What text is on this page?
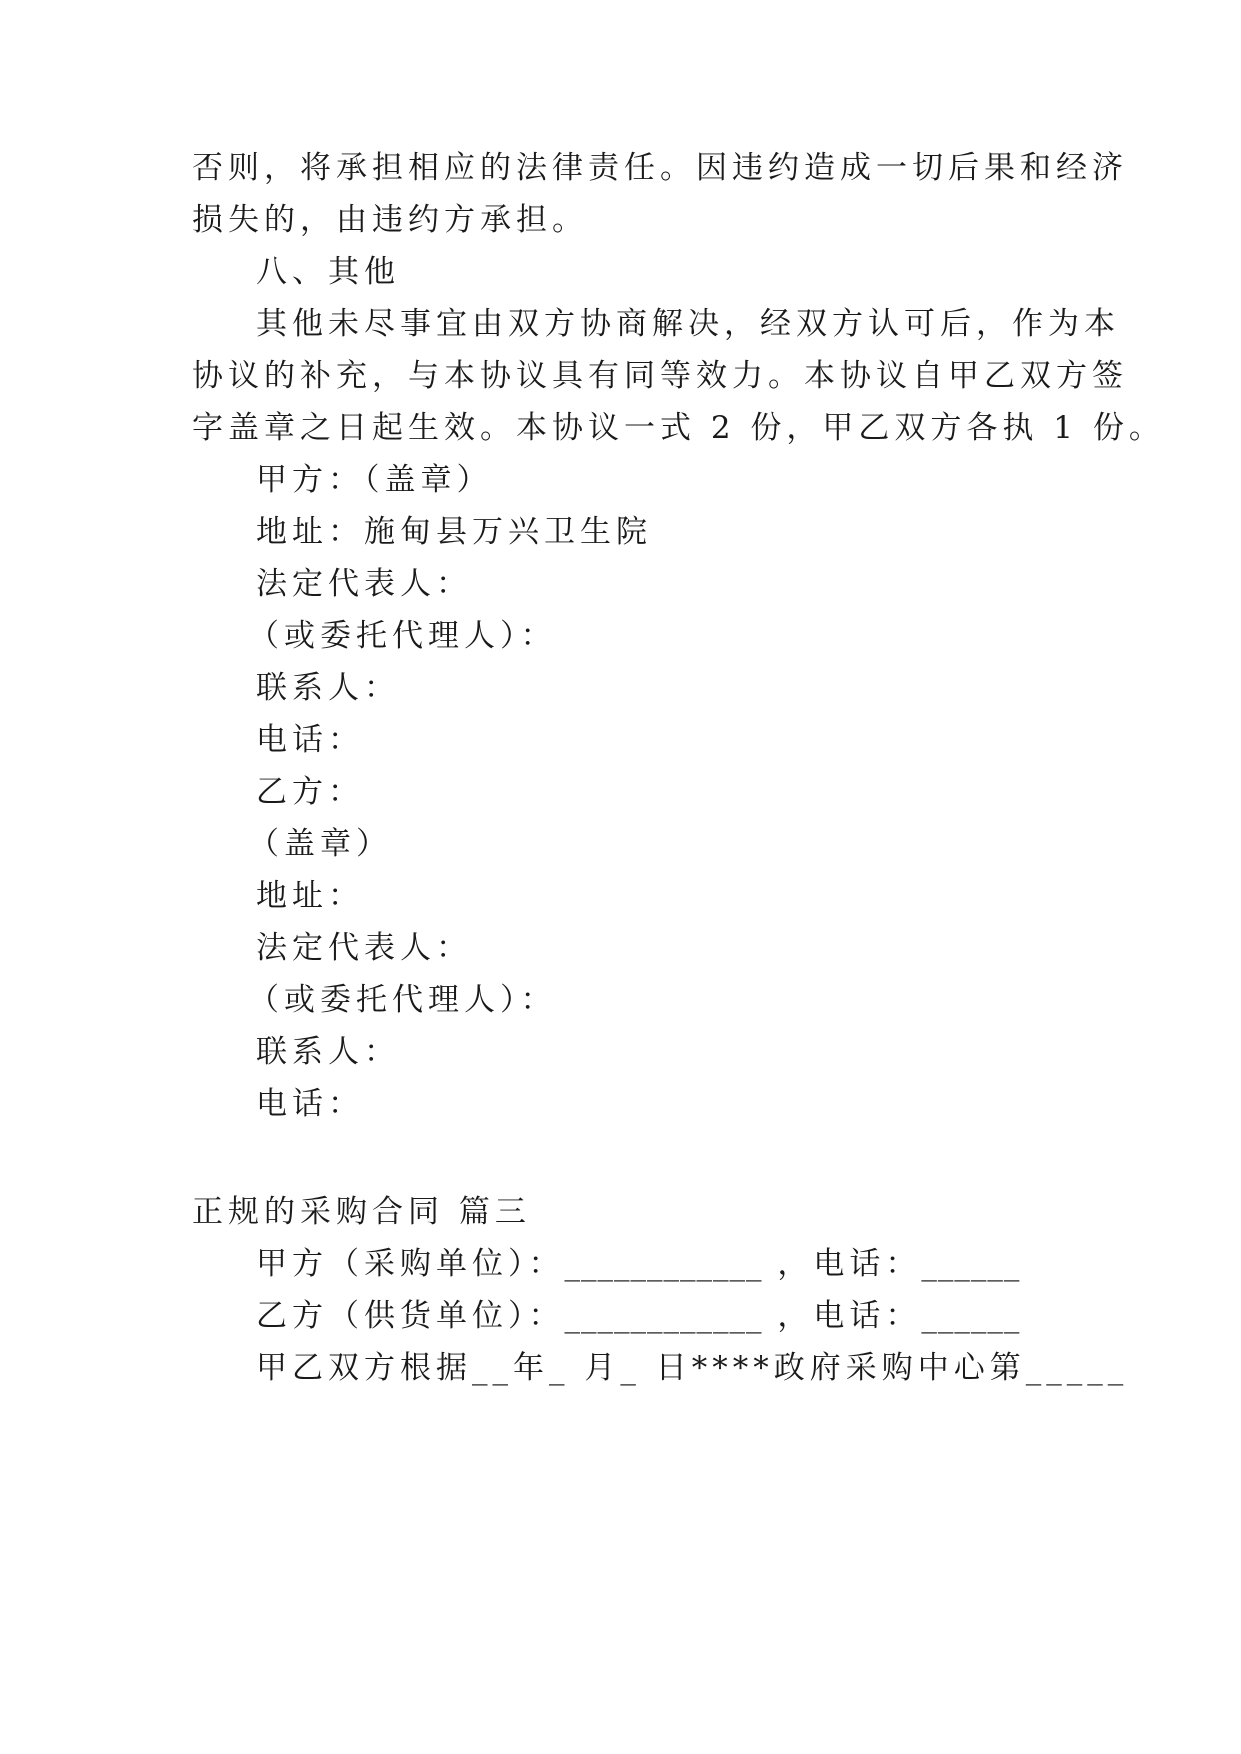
否则，将承担相应的法律责任。因违约造成一切后果和经济
损失的，由违约方承担。
八、其他
其他未尽事宜由双方协商解决，经双方认可后，作为本
协议的补充，与本协议具有同等效力。本协议自甲乙双方签
字盖章之日起生效。本协议一式 2 份，甲乙双方各执 1 份。
甲方：（盖章）
地址：施甸县万兴卫生院
法定代表人：
（或委托代理人）：
联系人：
电话：
乙方：
（盖章）
地址：
法定代表人：
（或委托代理人）：
联系人：
电话：
正规的采购合同 篇三
甲方（采购单位）：____________ ，电话：______
乙方（供货单位）：____________ ，电话：______
甲乙双方根据__年_ 月_ 日****政府采购中心第_____
